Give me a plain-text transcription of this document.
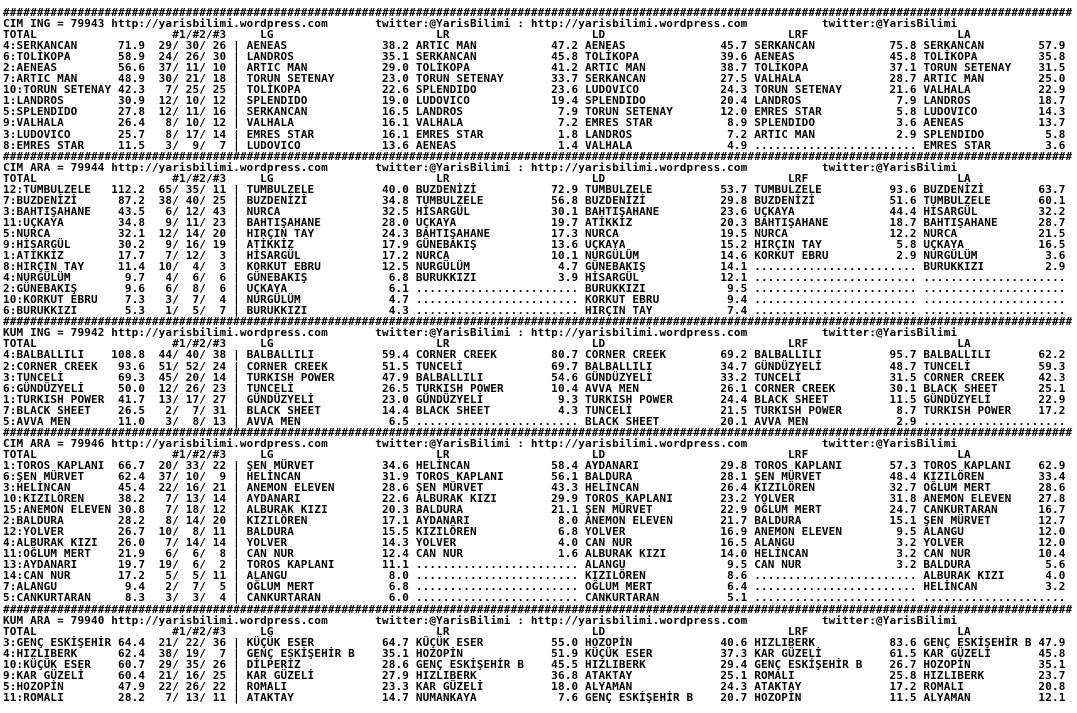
##############################################################################################################################################################
CIM ING = 79943 http://yarisbilimi.wordpress.com       twitter:@YarisBilimi : http://yarisbilimi.wordpress.com           twitter:@YarisBilimi
TOTAL                    #1/#2/#3     LG                        LR                     LD                           LRF                      LA
4:SERKANCAN      71.9  29/ 30/ 26 | AENEAS              38.2 ARTIC MAN           47.2 AENEAS              45.7 SERKANCAN           75.8 SERKANCAN        57.9
6:TOLİKOPA       58.9  24/ 26/ 30 | LANDROS             35.1 SERKANCAN           45.8 TOLİKOPA            39.6 AENEAS              45.8 TOLİKOPA         35.8
2:AENEAS         56.6  37/ 11/ 10 | ARTIC MAN           29.0 TOLİKOPA            41.2 ARTIC MAN           38.7 TOLİKOPA            37.1 TORUN SETENAY    31.5
7:ARTIC MAN      48.9  30/ 21/ 18 | TORUN SETENAY       23.0 TORUN SETENAY       33.7 SERKANCAN           27.5 VALHALA             28.7 ARTIC MAN        25.0
10:TORUN SETENAY 42.3   7/ 25/ 25 | TOLİKOPA            22.6 SPLENDIDO           23.6 LUDOVICO            24.3 TORUN SETENAY       21.6 VALHALA          22.9
1:LANDROS        30.9  12/ 10/ 12 | SPLENDIDO           19.0 LUDOVICO            19.4 SPLENDIDO           20.4 LANDROS              7.9 LANDROS          18.7
5:SPLENDIDO      27.8  12/ 11/ 16 | SERKANCAN           16.5 LANDROS              7.9 TORUN SETENAY       12.0 EMRES STAR           5.8 LUDOVICO         14.3
9:VALHALA        26.4   8/ 10/ 12 | VALHALA             16.1 VALHALA              7.2 EMRES STAR           8.9 SPLENDIDO            3.6 AENEAS           13.7
3:LUDOVICO       25.7   8/ 17/ 14 | EMRES STAR          16.1 EMRES STAR           1.8 LANDROS              7.2 ARTIC MAN            2.9 SPLENDIDO         5.8
8:EMRES STAR     11.5   3/  9/  7 | LUDOVICO            13.6 AENEAS               1.4 VALHALA              4.9 ........................ EMRES STAR        3.6
##############################################################################################################################################################
CIM ARA = 79944 http://yarisbilimi.wordpress.com       twitter:@YarisBilimi : http://yarisbilimi.wordpress.com           twitter:@YarisBilimi
TOTAL                    #1/#2/#3     LG                        LR                     LD                           LRF                      LA
12:TUMBULZELE   112.2  65/ 35/ 11 | TUMBULZELE          40.0 BUZDENİZİ           72.9 TUMBULZELE          53.7 TUMBULZELE          93.6 BUZDENİZİ        63.7
7:BUZDENİZİ      87.2  38/ 40/ 25 | BUZDENİZİ           34.8 TUMBULZELE          56.8 BUZDENİZİ           29.8 BUZDENİZİ           51.6 TUMBULZELE       60.1
3:BAHTIŞAHANE    43.5   6/ 12/ 43 | NURCA               32.5 HİSARGÜL            30.1 BAHTIŞAHANE         23.6 UÇKAYA              44.4 HİSARGÜL         32.2
11:UÇKAYA        34.8   9/ 11/ 23 | BAHTIŞAHANE         28.0 UÇKAYA              19.7 ATİKKİZ             20.3 BAHTIŞAHANE         18.7 BAHTIŞAHANE      28.7
5:NURCA          32.1  12/ 14/ 20 | HIRÇIN TAY          24.3 BAHTIŞAHANE         17.3 NURCA               19.5 NURCA               12.2 NURCA            21.5
9:HİSARGÜL       30.2   9/ 16/ 19 | ATİKKİZ             17.9 GÜNEBAKIŞ           13.6 UÇKAYA              15.2 HIRÇIN TAY           5.8 UÇKAYA           16.5
1:ATİKKİZ        17.7   7/ 12/  3 | HİSARGÜL            17.2 NURCA               10.1 NURGÜLÜM            14.6 KORKUT EBRU          2.9 NURGÜLÜM          3.6
8:HIRÇIN TAY     11.4  10/  4/  3 | KORKUT EBRU         12.5 NURGÜLÜM             4.7 GÜNEBAKIŞ           14.1 ........................ BURUKKIZI         2.9
4:NURGÜLÜM        9.7   4/  6/  6 | GÜNEBAKIŞ            6.8 BURUKKIZI            3.9 HİSARGÜL            12.1 ........................ .....................
2:GÜNEBAKIŞ       9.6   6/  8/  6 | UÇKAYA               6.1 ........................ BURUKKIZI            9.5 ........................ .....................
10:KORKUT EBRU    7.3   3/  7/  4 | NURGÜLÜM             4.7 ........................ KORKUT EBRU          9.4 ........................ .....................
6:BURUKKIZI       5.3   1/  5/  7 | BURUKKIZI            4.3 ........................ HIRÇIN TAY           7.4 ........................ .....................
##############################################################################################################################################################
KUM ING = 79942 http://yarisbilimi.wordpress.com       twitter:@YarisBilimi : http://yarisbilimi.wordpress.com           twitter:@YarisBilimi
TOTAL                    #1/#2/#3     LG                        LR                     LD                           LRF                      LA
4:BALBALLILI    108.8  44/ 40/ 38 | BALBALLILI          59.4 CORNER CREEK        80.7 CORNER CREEK        69.2 BALBALLILI          95.7 BALBALLILI       62.2
2:CORNER CREEK   93.6  51/ 52/ 24 | CORNER CREEK        51.5 TUNCELİ             69.7 BALBALLILI          34.7 GÜNDÜZYELİ          48.7 TUNCELİ          59.3
3:TUNCELİ        69.3  45/ 20/ 14 | TURKISH POWER       47.9 BALBALLILI          54.6 GÜNDÜZYELİ          33.2 TUNCELİ             31.5 CORNER CREEK     42.3
6:GÜNDÜZYELİ     50.0  12/ 26/ 23 | TUNCELİ             26.5 TURKISH POWER       10.4 AVVA MEN            26.1 CORNER CREEK        30.1 BLACK SHEET      25.1
1:TURKISH POWER  41.7  13/ 17/ 27 | GÜNDÜZYELİ          23.0 GÜNDÜZYELİ           9.3 TURKISH POWER       24.4 BLACK SHEET         11.5 GÜNDÜZYELİ       22.9
7:BLACK SHEET    26.5   2/  7/ 31 | BLACK SHEET         14.4 BLACK SHEET          4.3 TUNCELİ             21.5 TURKISH POWER        8.7 TURKISH POWER    17.2
5:AVVA MEN       11.0   3/  8/ 13 | AVVA MEN             6.5 ........................ BLACK SHEET         20.1 AVVA MEN             2.9 .....................
##############################################################################################################################################################
CIM ARA = 79946 http://yarisbilimi.wordpress.com       twitter:@YarisBilimi : http://yarisbilimi.wordpress.com           twitter:@YarisBilimi
TOTAL                    #1/#2/#3     LG                        LR                     LD                           LRF                      LA
1:TOROS KAPLANI  66.7  20/ 33/ 22 | ŞEN MÜRVET          34.6 HELİNCAN            58.4 AYDANARI            29.8 TOROS KAPLANI       57.3 TOROS KAPLANI    62.9
6:ŞEN MÜRVET     62.4  37/ 10/  9 | HELİNCAN            31.9 TOROS KAPLANI       56.1 BALDURA             28.1 ŞEN MÜRVET          48.4 KIZILÖREN        33.4
3:HELİNCAN       45.4  22/ 16/ 21 | ANEMON ELEVEN       28.6 ŞEN MÜRVET          43.3 HELİNCAN            26.4 KIZILÖREN           32.7 OĞLUM MERT       28.6
10:KIZILÖREN     38.2   7/ 13/ 14 | AYDANARI            22.6 ALBURAK KIZI        29.9 TOROS KAPLANI       23.2 YOLVER              31.8 ANEMON ELEVEN    27.8
15:ANEMON ELEVEN 30.8   7/ 18/ 12 | ALBURAK KIZI        20.3 BALDURA             21.1 ŞEN MÜRVET          22.9 OĞLUM MERT          24.7 CANKURTARAN      16.7
2:BALDURA        28.2   8/ 14/ 20 | KIZILÖREN           17.1 AYDANARI             8.0 ANEMON ELEVEN       21.7 BALDURA             15.1 ŞEN MÜRVET       12.7
12:YOLVER        26.7  10/  8/ 11 | BALDURA             15.5 KIZILÖREN            6.8 YOLVER              16.9 ANEMON ELEVEN        9.5 ALANGU           12.0
4:ALBURAK KIZI   26.0   7/ 14/ 14 | YOLVER              14.3 YOLVER               4.0 CAN NUR             16.5 ALANGU               3.2 YOLVER           12.0
11:OĞLUM MERT    21.9   6/  6/  8 | CAN NUR             12.4 CAN NUR              1.6 ALBURAK KIZI        14.0 HELİNCAN             3.2 CAN NUR          10.4
13:AYDANARI      19.7  19/  6/  2 | TOROS KAPLANI       11.1 ........................ ALANGU               9.5 CAN NUR              3.2 BALDURA           5.6
14:CAN NUR       17.2   5/  5/ 11 | ALANGU               8.0 ........................ KIZILÖREN            8.6 ........................ ALBURAK KIZI      4.0
7:ALANGU          9.4   2/  7/  5 | OĞLUM MERT           6.8 ........................ OĞLUM MERT           6.4 ........................ HELİNCAN          3.2
5:CANKURTARAN     8.3   3/  3/  4 | CANKURTARAN          6.0 ........................ CANKURTARAN          5.1 ........................ .....................
##############################################################################################################################################################
KUM ARA = 79940 http://yarisbilimi.wordpress.com       twitter:@YarisBilimi : http://yarisbilimi.wordpress.com           twitter:@YarisBilimi
TOTAL                    #1/#2/#3     LG                        LR                     LD                           LRF                      LA
3:GENÇ ESKİŞEHİR 64.4  21/ 22/ 36 | KÜÇÜK ESER          64.7 KÜÇÜK ESER          55.0 HOZOPİN             40.6 HIZLIBERK           83.6 GENÇ ESKİŞEHİR B 47.9
4:HIZLIBERK      62.4  38/ 19/  7 | GENÇ ESKİŞEHİR B    35.1 HOZOPİN             51.9 KÜÇÜK ESER          37.3 KAR GÜZELİ          61.5 KAR GÜZELİ       45.8
10:KÜÇÜK ESER    60.7  29/ 35/ 26 | DİLPERİZ            28.6 GENÇ ESKİŞEHİR B    45.5 HIZLIBERK           29.4 GENÇ ESKİŞEHİR B    26.7 HOZOPİN          35.1
9:KAR GÜZELİ     60.4  21/ 16/ 25 | KAR GÜZELİ          27.9 HIZLIBERK           36.8 ATAKTAY             25.1 ROMALI              25.8 HIZLIBERK        23.7
5:HOZOPİN        47.9  22/ 26/ 22 | ROMALI              23.3 KAR GÜZELİ          18.0 ALYAMAN             24.3 ATAKTAY             17.2 ROMALI           20.8
11:ROMALI        28.2   7/ 13/ 11 | ATAKTAY             14.7 NUMANKAYA            7.6 GENÇ ESKİŞEHİR B    20.7 HOZOPİN             11.5 ALYAMAN          12.1
